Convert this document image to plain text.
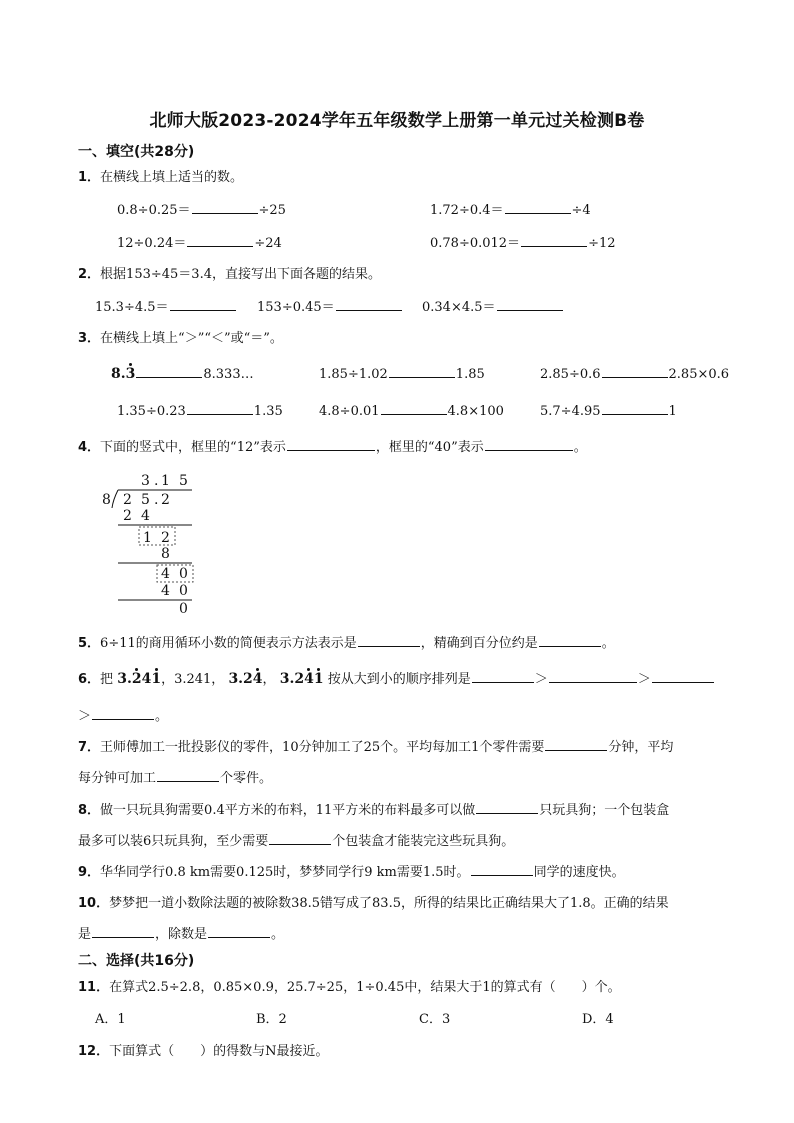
北师大版2023-2024学年五年级数学上册第一单元过关检测B卷
一、填空(共28分)
1．在横线上填上适当的数。
0.8÷0.25＝	÷25	1.72÷0.4＝	÷4
12÷0.24＝	÷24	0.78÷0.012＝	÷12
2．根据153÷45＝3.4，直接写出下面各题的结果。
15.3÷4.5＝	153÷0.45＝	0.34×4.5＝
3．在横线上填上“＞”“＜”或“＝”。
8.3	8.333…	1.85÷1.02	1.85	2.85÷0.6	2.85×0.6
1.35÷0.23	1.35	4.8÷0.01	4.8×100	5.7÷4.95	1
4．下面的竖式中，框里的“12”表示	，框里的“40”表示	。
3 . 1 5
8 2 5 . 2
2 4
1 2
8
4 0
4 0
0
5．6÷11的商用循环小数的简便表示方法表示是	，精确到百分位约是	。
6．把 3.241，3.241， 3.24， 3.241 按从大到小的顺序排列是	＞	＞
＞	。
7．王师傅加工一批投影仪的零件，10分钟加工了25个。平均每加工1个零件需要	分钟，平均
每分钟可加工	个零件。
8．做一只玩具狗需要0.4平方米的布料，11平方米的布料最多可以做	只玩具狗；一个包装盒
最多可以装6只玩具狗，至少需要	个包装盒才能装完这些玩具狗。
9．华华同学行0.8 km需要0.125时，梦梦同学行9 km需要1.5时。	同学的速度快。
10．梦梦把一道小数除法题的被除数38.5错写成了83.5，所得的结果比正确结果大了1.8。正确的结果
是	，除数是	。
二、选择(共16分)
11．在算式2.5÷2.8，0.85×0.9，25.7÷25，1÷0.45中，结果大于1的算式有（　　）个。
A．1	B．2	C．3	D．4
12．下面算式（　　）的得数与N最接近。
